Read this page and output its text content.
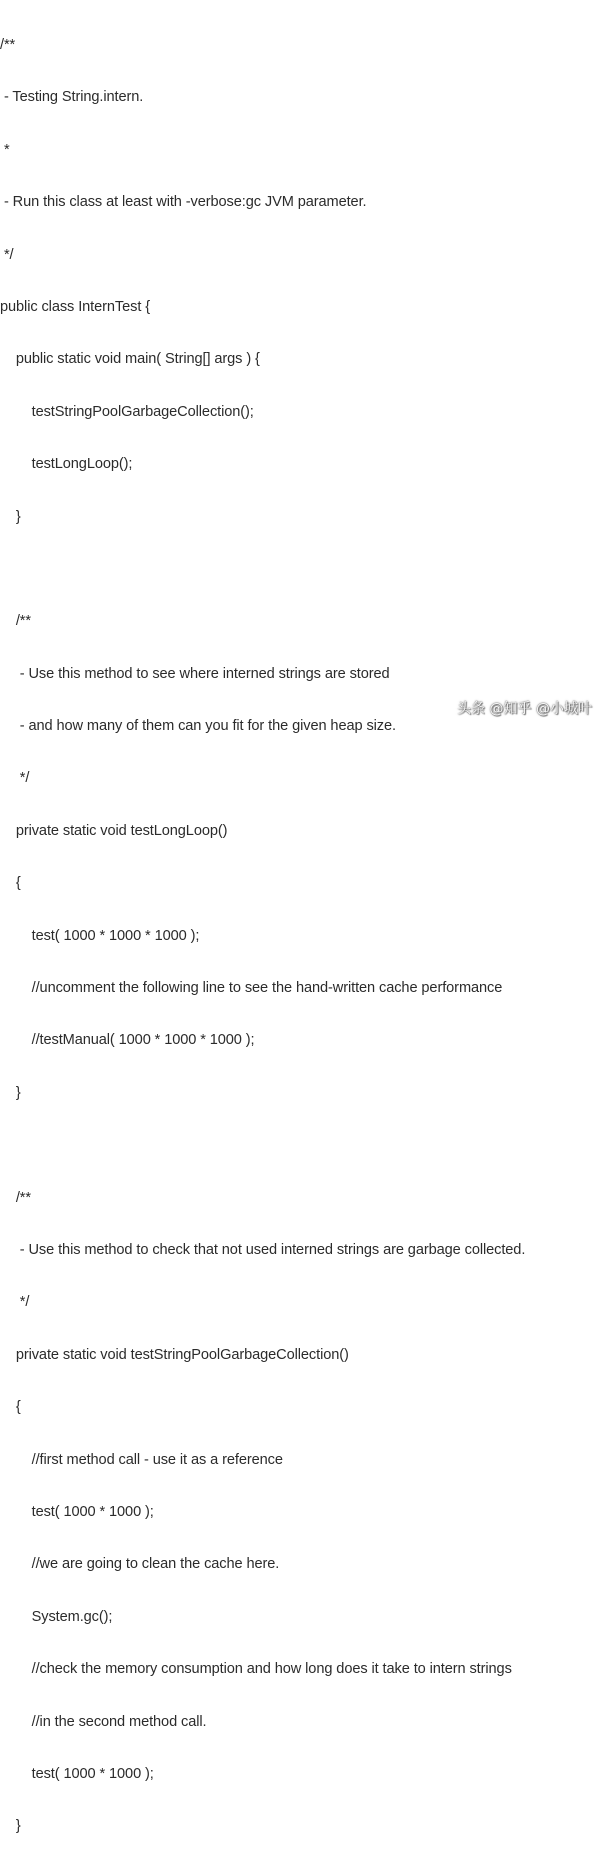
/**

- Testing String.intern.

*

- Run this class at least with -verbose:gc JVM parameter.

*/

public class InternTest {

public static void main( String[] args ) {

testStringPoolGarbageCollection();

testLongLoop();

}

/**

- Use this method to see where interned strings are stored

- and how many of them can you fit for the given heap size.

*/

private static void testLongLoop()

{

test( 1000 * 1000 * 1000 );

//uncomment the following line to see the hand-written cache performance

//testManual( 1000 * 1000 * 1000 );

}

/**

- Use this method to check that not used interned strings are garbage collected.

*/

private static void testStringPoolGarbageCollection()

{

//first method call - use it as a reference

test( 1000 * 1000 );

//we are going to clean the cache here.

System.gc();

//check the memory consumption and how long does it take to intern strings

//in the second method call.

test( 1000 * 1000 );

}

头条 @知乎 @小城叶
